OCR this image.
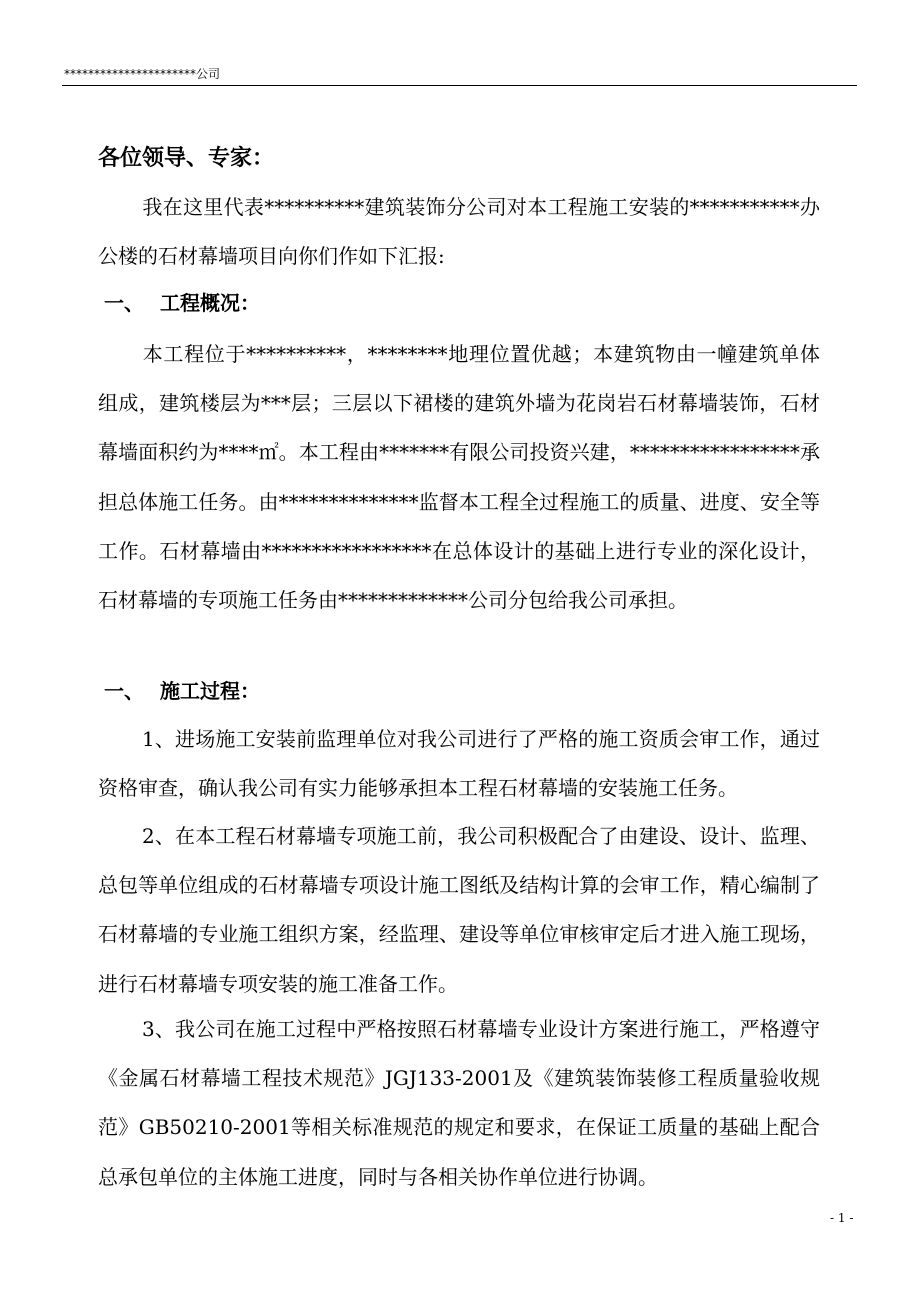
**********************公司
各位领导、专家：

我在这里代表**********建筑装饰分公司对本工程施工安装的***********办公楼的石材幕墙项目向你们作如下汇报:

一、 工程概况：

本工程位于**********，********地理位置优越；本建筑物由一幢建筑单体组成，建筑楼层为***层；三层以下裙楼的建筑外墙为花岗岩石材幕墙装饰，石材幕墙面积约为****㎡。本工程由*******有限公司投资兴建，*****************承担总体施工任务。由**************监督本工程全过程施工的质量、进度、安全等工作。石材幕墙由*****************在总体设计的基础上进行专业的深化设计，石材幕墙的专项施工任务由*************公司分包给我公司承担。

一、 施工过程：

1、进场施工安装前监理单位对我公司进行了严格的施工资质会审工作，通过资格审查，确认我公司有实力能够承担本工程石材幕墙的安装施工任务。

2、在本工程石材幕墙专项施工前，我公司积极配合了由建设、设计、监理、总包等单位组成的石材幕墙专项设计施工图纸及结构计算的会审工作，精心编制了石材幕墙的专业施工组织方案，经监理、建设等单位审核审定后才进入施工现场，进行石材幕墙专项安装的施工准备工作。

3、我公司在施工过程中严格按照石材幕墙专业设计方案进行施工，严格遵守《金属石材幕墙工程技术规范》JGJ133-2001及《建筑装饰装修工程质量验收规范》GB50210-2001等相关标准规范的规定和要求，在保证工质量的基础上配合总承包单位的主体施工进度，同时与各相关协作单位进行协调。

- 1 -
